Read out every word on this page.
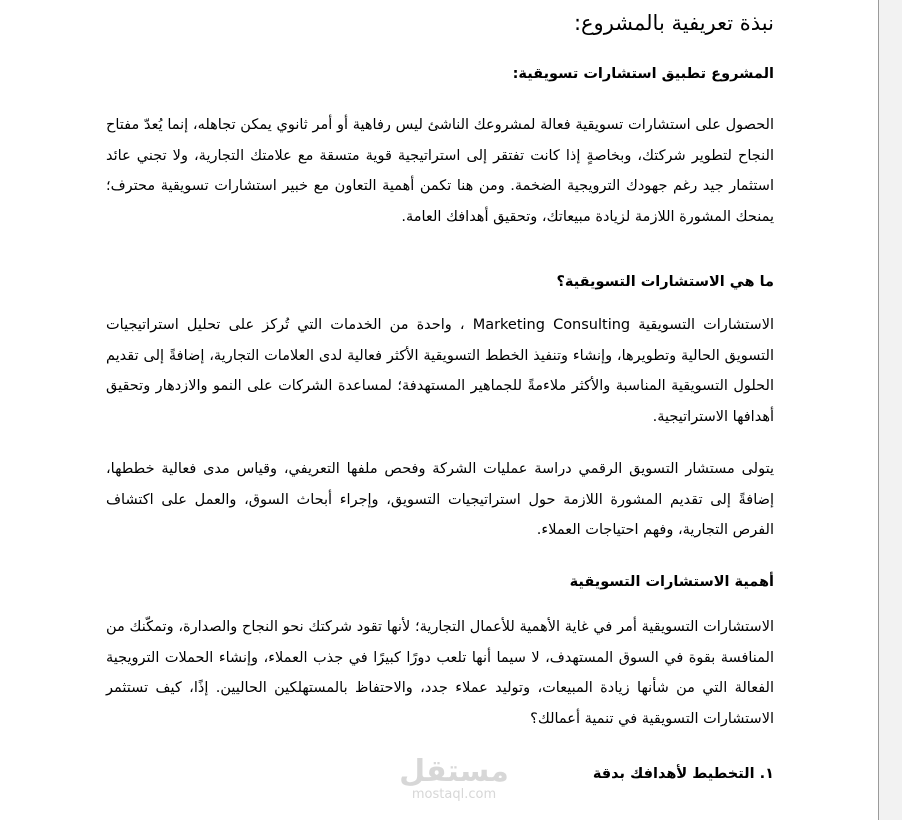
نبذة تعريفية بالمشروع:
المشروع تطبيق استشارات تسويقية:

الحصول على استشارات تسويقية فعالة لمشروعك الناشئ ليس رفاهية أو أمر ثانوي يمكن تجاهله، إنما يُعدّ مفتاح النجاح لتطوير شركتك، وبخاصةٍ إذا كانت تفتقر إلى استراتيجية قوية متسقة مع علامتك التجارية، ولا تجني عائد استثمار جيد رغم جهودك الترويجية الضخمة. ومن هنا تكمن أهمية التعاون مع خبير استشارات تسويقية محترف؛ يمنحك المشورة اللازمة لزيادة مبيعاتك، وتحقيق أهدافك العامة.

ما هي الاستشارات التسويقية؟

الاستشارات التسويقية Marketing Consulting ، واحدة من الخدمات التي تُركز على تحليل استراتيجيات التسويق الحالية وتطويرها، وإنشاء وتنفيذ الخطط التسويقية الأكثر فعالية لدى العلامات التجارية، إضافةً إلى تقديم الحلول التسويقية المناسبة والأكثر ملاءمةً للجماهير المستهدفة؛ لمساعدة الشركات على النمو والازدهار وتحقيق أهدافها الاستراتيجية.

يتولى مستشار التسويق الرقمي دراسة عمليات الشركة وفحص ملفها التعريفي، وقياس مدى فعالية خططها، إضافةً إلى تقديم المشورة اللازمة حول استراتيجيات التسويق، وإجراء أبحاث السوق، والعمل على اكتشاف الفرص التجارية، وفهم احتياجات العملاء.

أهمية الاستشارات التسويقية

الاستشارات التسويقية أمر في غاية الأهمية للأعمال التجارية؛ لأنها تقود شركتك نحو النجاح والصدارة، وتمكّنك من المنافسة بقوة في السوق المستهدف، لا سيما أنها تلعب دورًا كبيرًا في جذب العملاء، وإنشاء الحملات الترويجية الفعالة التي من شأنها زيادة المبيعات، وتوليد عملاء جدد، والاحتفاظ بالمستهلكين الحاليين. إذًا، كيف تستثمر الاستشارات التسويقية في تنمية أعمالك؟

١. التخطيط لأهدافك بدقة
مستقل
mostaql.com
